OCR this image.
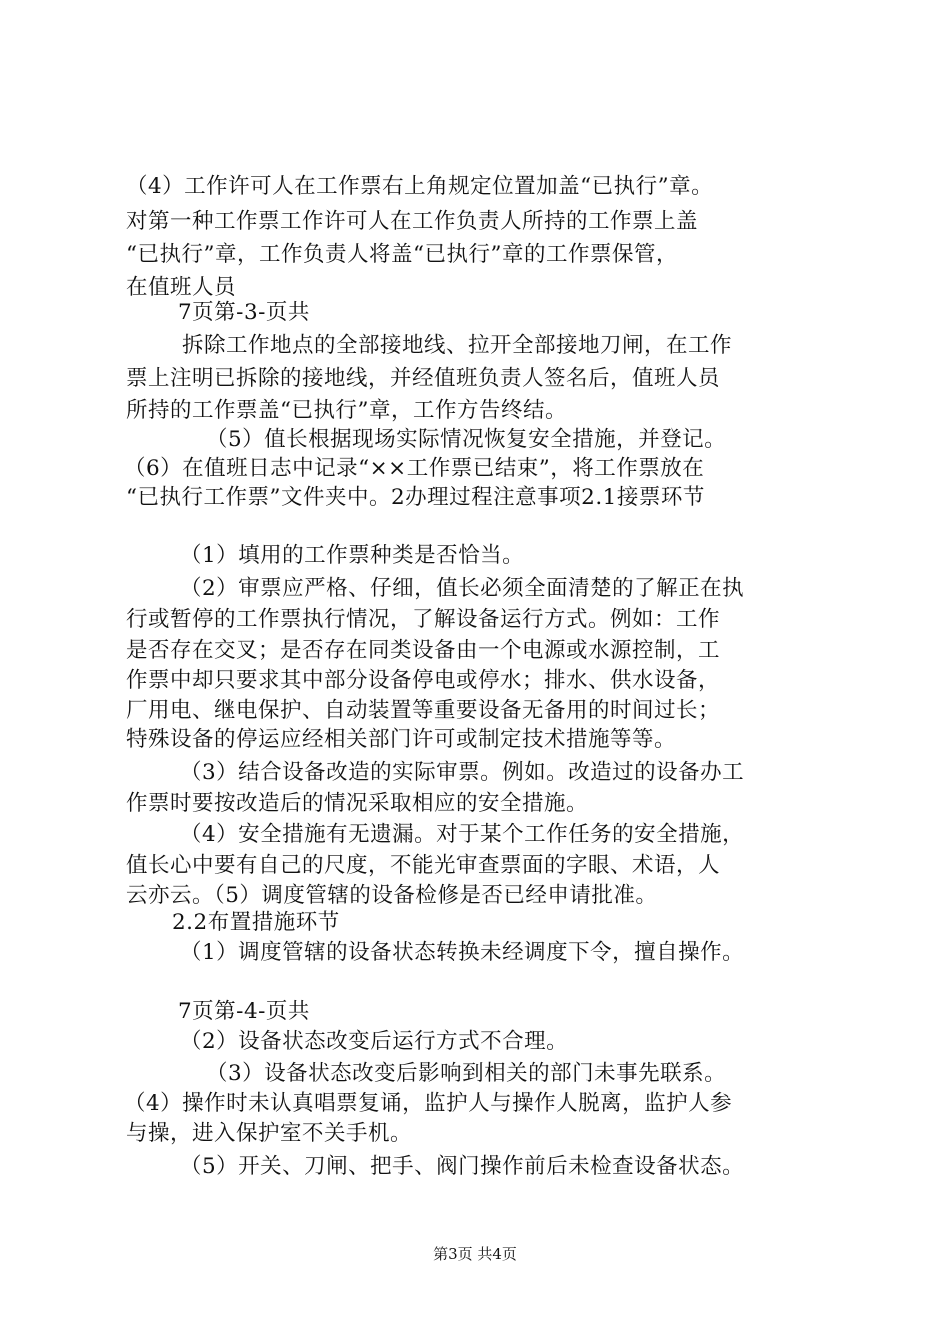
（4）工作许可人在工作票右上角规定位置加盖“已执行”章。
对第一种工作票工作许可人在工作负责人所持的工作票上盖
“已执行”章，工作负责人将盖“已执行”章的工作票保管，
在值班人员
7页第-3-页共
拆除工作地点的全部接地线、拉开全部接地刀闸，在工作
票上注明已拆除的接地线，并经值班负责人签名后，值班人员
所持的工作票盖“已执行”章，工作方告终结。
（5）值长根据现场实际情况恢复安全措施，并登记。
（6）在值班日志中记录“××工作票已结束”，将工作票放在
“已执行工作票”文件夹中。2办理过程注意事项2.1接票环节
（1）填用的工作票种类是否恰当。
（2）审票应严格、仔细，值长必须全面清楚的了解正在执
行或暂停的工作票执行情况，了解设备运行方式。例如：工作
是否存在交叉；是否存在同类设备由一个电源或水源控制，工
作票中却只要求其中部分设备停电或停水；排水、供水设备，
厂用电、继电保护、自动装置等重要设备无备用的时间过长；
特殊设备的停运应经相关部门许可或制定技术措施等等。
（3）结合设备改造的实际审票。例如。改造过的设备办工
作票时要按改造后的情况采取相应的安全措施。
（4）安全措施有无遗漏。对于某个工作任务的安全措施，
值长心中要有自己的尺度，不能光审查票面的字眼、术语，人
云亦云。（5）调度管辖的设备检修是否已经申请批准。
2.2布置措施环节
（1）调度管辖的设备状态转换未经调度下令，擅自操作。
7页第-4-页共
（2）设备状态改变后运行方式不合理。
（3）设备状态改变后影响到相关的部门未事先联系。
（4）操作时未认真唱票复诵，监护人与操作人脱离，监护人参
与操，进入保护室不关手机。
（5）开关、刀闸、把手、阀门操作前后未检查设备状态。
第3页 共4页
